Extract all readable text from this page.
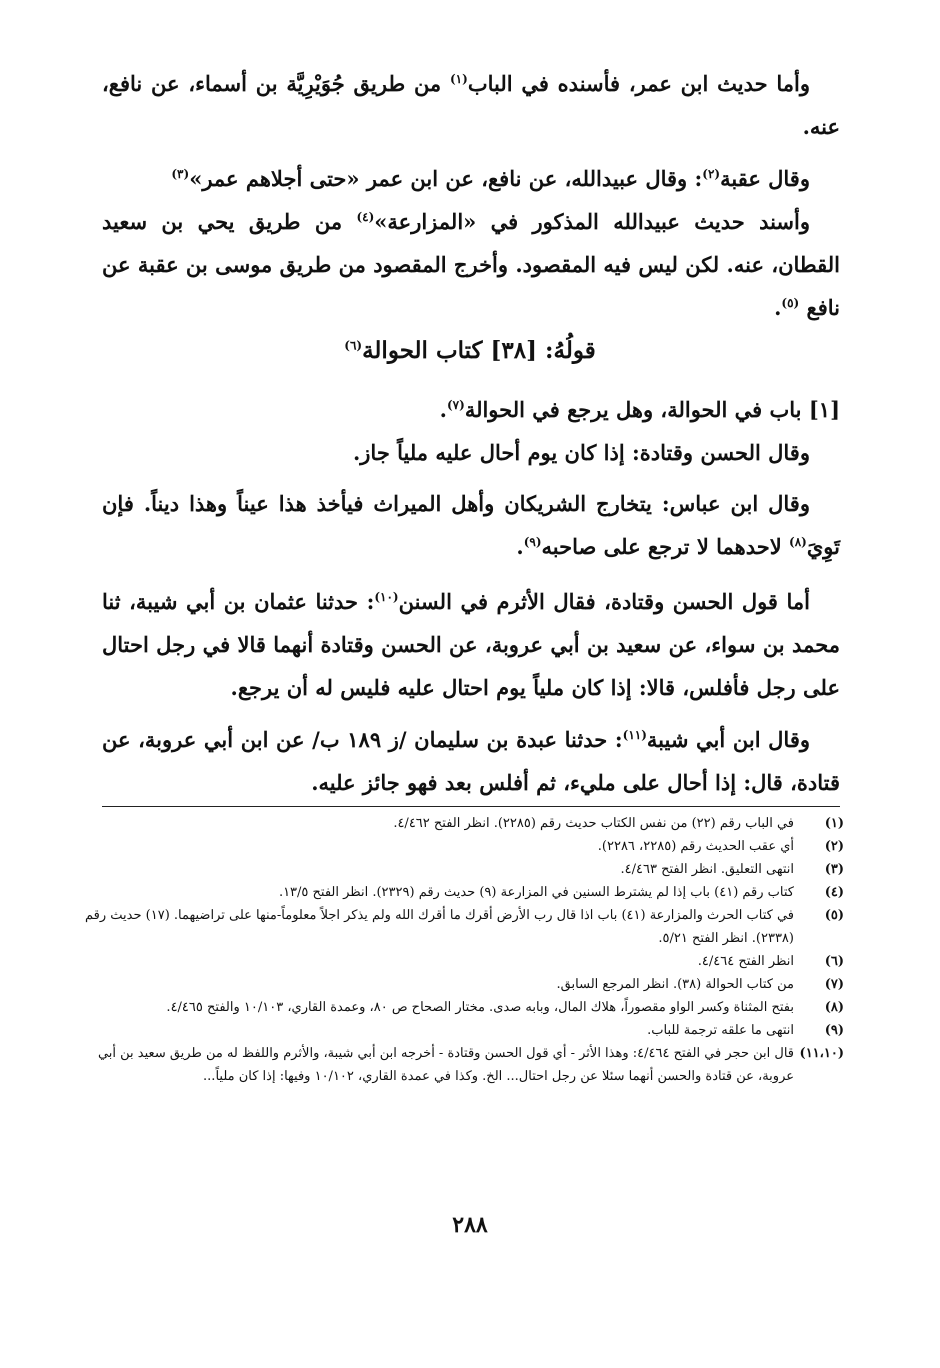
وأما حديث ابن عمر، فأسنده في الباب$^{(١)}$ من طريق جُوَيْرِيَّة بن أسماء، عن نافع، عنه.

وقال عقبة$^{(٢)}$: وقال عبيدالله، عن نافع، عن ابن عمر «حتى أجلاهم عمر»$^{(٣)}$

وأسند حديث عبيدالله المذكور في «المزارعة»$^{(٤)}$ من طريق يحي بن سعيد القطان، عنه. لكن ليس فيه المقصود. وأخرج المقصود من طريق موسى بن عقبة عن نافع $^{(٥)}$.

قولُهُ: [٣٨] كتاب الحوالة$^{(٦)}$

[١] باب في الحوالة، وهل يرجع في الحوالة$^{(٧)}$.

وقال الحسن وقتادة: إذا كان يوم أحال عليه ملياً جاز.

وقال ابن عباس: يتخارج الشريكان وأهل الميراث فيأخذ هذا عيناً وهذا ديناً. فإن تَوِيَ$^{(٨)}$ لاحدهما لا ترجع على صاحبه$^{(٩)}$.

أما قول الحسن وقتادة، فقال الأثرم في السنن$^{(١٠)}$: حدثنا عثمان بن أبي شيبة، ثنا محمد بن سواء، عن سعيد بن أبي عروبة، عن الحسن وقتادة أنهما قالا في رجل احتال على رجل فأفلس، قالا: إذا كان ملياً يوم احتال عليه فليس له أن يرجع.

وقال ابن أبي شيبة$^{(١١)}$: حدثنا عبدة بن سليمان /ز ١٨٩ ب/ عن ابن أبي عروبة، عن قتادة، قال: إذا أحال على مليء، ثم أفلس بعد فهو جائز عليه.

(١)
في الباب رقم (٢٢) من نفس الكتاب حديث رقم (٢٢٨٥). انظر الفتح ٤/٤٦٢.
(٢)
أي عقب الحديث رقم (٢٢٨٥، ٢٢٨٦).
(٣)
انتهى التعليق. انظر الفتح ٤/٤٦٣.
(٤)
كتاب رقم (٤١) باب إذا لم يشترط السنين في المزارعة (٩) حديث رقم (٢٣٢٩). انظر الفتح ١٣/٥.
(٥)
في كتاب الحرث والمزارعة (٤١) باب اذا قال رب الأرض أقرك ما أقرك الله ولم يذكر اجلاً معلوماً-منها على تراضيهما. (١٧) حديث رقم (٢٣٣٨). انظر الفتح ٥/٢١.
(٦)
انظر الفتح ٤/٤٦٤.
(٧)
من كتاب الحوالة (٣٨). انظر المرجع السابق.
(٨)
بفتح المثناة وكسر الواو مقصوراً، هلاك المال، وبابه صدى. مختار الصحاح ص ٨٠، وعمدة القاري، ١٠/١٠٣ والفتح ٤/٤٦٥.
(٩)
انتهى ما علقه ترجمة للباب.
(١١،١٠)
قال ابن حجر في الفتح ٤/٤٦٤: وهذا الأثر - أي قول الحسن وقتادة - أخرجه ابن أبي شيبة، والأثرم واللفظ له من طريق سعيد بن أبي عروبة، عن قتادة والحسن أنهما سئلا عن رجل احتال... الخ. وكذا في عمدة القاري، ١٠/١٠٢ وفيها: إذا كان ملياً...
٢٨٨
